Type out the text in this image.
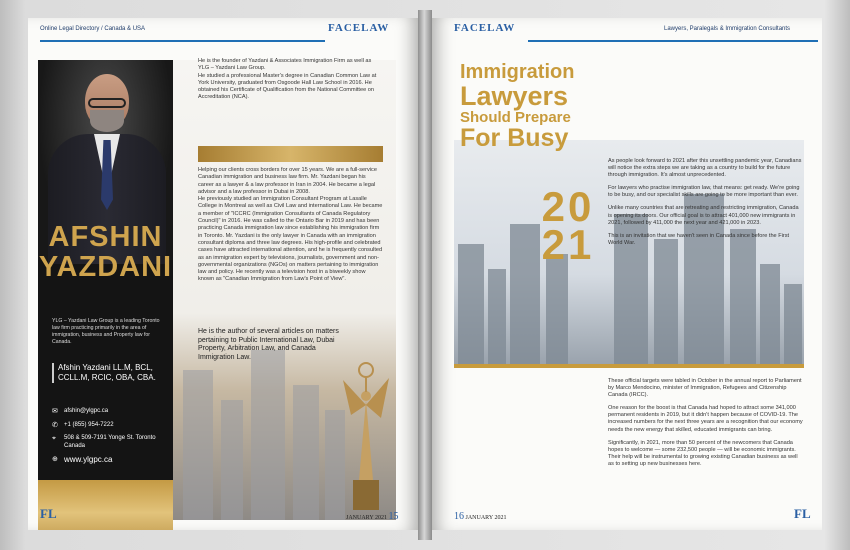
Online Legal Directory / Canada & USA	FACELAW
AFSHIN
YAZDANI
YLG – Yazdani Law Group is a leading Toronto law firm practicing primarily in the area of immigration, business and Property law for Canada.
Afshin Yazdani LL.M, BCL, CCLL.M, RCIC, OBA, CBA.
✉ afshin@ylgpc.ca
✆ +1 (855) 954-7222
⌖ 508 & 509-7191 Yonge St. Toronto Canada
⊕ www.ylgpc.ca

He is the founder of Yazdani & Associates Immigration Firm as well as YLG – Yazdani Law Group.

He studied a professional Master's degree in Canadian Common Law at York University, graduated from Osgoode Hall Law School in 2016. He obtained his Certificate of Qualification from the National Committee on Accreditation (NCA).

Helping our clients cross borders for over 15 years. We are a full-service Canadian immigration and business law firm. Mr. Yazdani began his career as a lawyer & a law professor in Iran in 2004. He became a legal advisor and a law professor in Dubai in 2008.

He previously studied an Immigration Consultant Program at Lasalle College in Montreal as well as Civil Law and international Law. He became a member of "ICCRC (Immigration Consultants of Canada Regulatory Council)" in 2016. He was called to the Ontario Bar in 2019 and has been practicing Canada immigration law since establishing his immigration firm in Toronto. Mr. Yazdani is the only lawyer in Canada with an immigration consultant diploma and three law degrees. His high-profile and celebrated cases have attracted international attention, and he is frequently consulted as an immigration expert by televisions, journalists, government and non-governmental organizations (NGOs) on matters pertaining to immigration law and policy. He recently was a television host in a biweekly show known as "Canadian Immigration from Law's Point of View".

He is the author of several articles on matters pertaining to Public International Law, Dubai Property, Arbitration Law, and Canada Immigration Law.
FL	JANUARY 2021 15
FACELAW	Lawyers, Paralegals & Immigration Consultants
Immigration
Lawyers
Should Prepare
For Busy
20
21

As people look forward to 2021 after this unsettling pandemic year, Canadians will notice the extra steps we are taking as a country to build for the future through immigration. It's almost unprecedented.

For lawyers who practise immigration law, that means: get ready. We're going to be busy, and our specialist skills are going to be more important than ever.

Unlike many countries that are retreating and restricting immigration, Canada is opening its doors. Our official goal is to attract 401,000 new immigrants in 2021, followed by 411,000 the next year and 421,000 in 2023.

This is an invitation that we haven't seen in Canada since before the First World War.

These official targets were tabled in October in the annual report to Parliament by Marco Mendocino, minister of Immigration, Refugees and Citizenship Canada (IRCC).

One reason for the boost is that Canada had hoped to attract some 341,000 permanent residents in 2019, but it didn't happen because of COVID-19. The increased numbers for the next three years are a recognition that our economy needs the new energy that skilled, educated immigrants can bring.

Significantly, in 2021, more than 50 percent of the newcomers that Canada hopes to welcome — some 232,500 people — will be economic immigrants. Their help will be instrumental to growing existing Canadian business as well as to setting up new businesses here.

16 JANUARY 2021	FL
